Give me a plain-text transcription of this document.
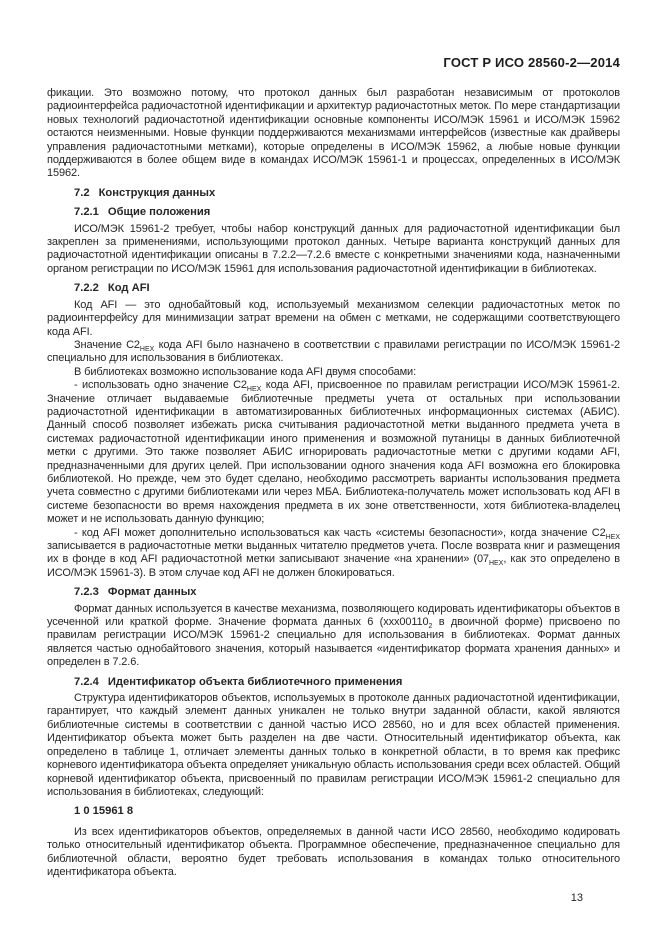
ГОСТ Р ИСО 28560-2—2014

фикации. Это возможно потому, что протокол данных был разработан независимым от протоколов радиоинтерфейса радиочастотной идентификации и архитектур радиочастотных меток. По мере стандартизации новых технологий радиочастотной идентификации основные компоненты ИСО/МЭК 15961 и ИСО/МЭК 15962 остаются неизменными. Новые функции поддерживаются механизмами интерфейсов (известные как драйверы управления радиочастотными метками), которые определены в ИСО/МЭК 15962, а любые новые функции поддерживаются в более общем виде в командах ИСО/МЭК 15961-1 и процессах, определенных в ИСО/МЭК 15962.

7.2 Конструкция данных
7.2.1 Общие положения

ИСО/МЭК 15961-2 требует, чтобы набор конструкций данных для радиочастотной идентификации был закреплен за применениями, использующими протокол данных. Четыре варианта конструкций данных для радиочастотной идентификации описаны в 7.2.2—7.2.6 вместе с конкретными значениями кода, назначенными органом регистрации по ИСО/МЭК 15961 для использования радиочастотной идентификации в библиотеках.

7.2.2 Код AFI

Код AFI — это однобайтовый код, используемый механизмом селекции радиочастотных меток по радиоинтерфейсу для минимизации затрат времени на обмен с метками, не содержащими соответствующего кода AFI.

Значение $C2_{HEX}$ кода AFI было назначено в соответствии с правилами регистрации по ИСО/МЭК 15961-2 специально для использования в библиотеках.

В библиотеках возможно использование кода AFI двумя способами:

- использовать одно значение $C2_{HEX}$ кода AFI, присвоенное по правилам регистрации ИСО/МЭК 15961-2. Значение отличает выдаваемые библиотечные предметы учета от остальных при использовании радиочастотной идентификации в автоматизированных библиотечных информационных системах (АБИС). Данный способ позволяет избежать риска считывания радиочастотной метки выданного предмета учета в системах радиочастотной идентификации иного применения и возможной путаницы в данных библиотечной метки с другими. Это также позволяет АБИС игнорировать радиочастотные метки с другими кодами AFI, предназначенными для других целей. При использовании одного значения кода AFI возможна его блокировка библиотекой. Но прежде, чем это будет сделано, необходимо рассмотреть варианты использования предмета учета совместно с другими библиотеками или через МБА. Библиотека-получатель может использовать код AFI в системе безопасности во время нахождения предмета в их зоне ответственности, хотя библиотека-владелец может и не использовать данную функцию;

- код AFI может дополнительно использоваться как часть «системы безопасности», когда значение $C2_{HEX}$ записывается в радиочастотные метки выданных читателю предметов учета. После возврата книг и размещения их в фонде в код AFI радиочастотной метки записывают значение «на хранении» ($07_{HEX}$, как это определено в ИСО/МЭК 15961-3). В этом случае код AFI не должен блокироваться.

7.2.3 Формат данных

Формат данных используется в качестве механизма, позволяющего кодировать идентификаторы объектов в усеченной или краткой форме. Значение формата данных 6 ($xxx00110_2$ в двоичной форме) присвоено по правилам регистрации ИСО/МЭК 15961-2 специально для использования в библиотеках. Формат данных является частью однобайтового значения, который называется «идентификатор формата хранения данных» и определен в 7.2.6.

7.2.4 Идентификатор объекта библиотечного применения

Структура идентификаторов объектов, используемых в протоколе данных радиочастотной идентификации, гарантирует, что каждый элемент данных уникален не только внутри заданной области, какой являются библиотечные системы в соответствии с данной частью ИСО 28560, но и для всех областей применения. Идентификатор объекта может быть разделен на две части. Относительный идентификатор объекта, как определено в таблице 1, отличает элементы данных только в конкретной области, в то время как префикс корневого идентификатора объекта определяет уникальную область использования среди всех областей. Общий корневой идентификатор объекта, присвоенный по правилам регистрации ИСО/МЭК 15961-2 специально для использования в библиотеках, следующий:

1 0 15961 8

Из всех идентификаторов объектов, определяемых в данной части ИСО 28560, необходимо кодировать только относительный идентификатор объекта. Программное обеспечение, предназначенное специально для библиотечной области, вероятно будет требовать использования в командах только относительного идентификатора объекта.

13
